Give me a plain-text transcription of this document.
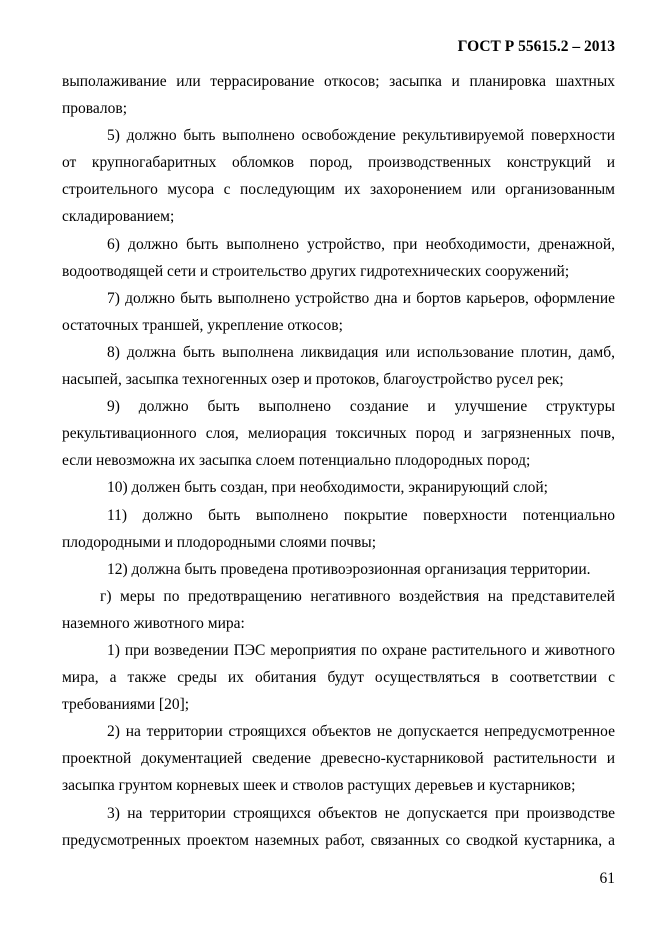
ГОСТ Р 55615.2 – 2013

выполаживание или террасирование откосов; засыпка и планировка шахтных

провалов;

5) должно быть выполнено освобождение рекультивируемой поверхности

от крупногабаритных обломков пород, производственных конструкций и

строительного мусора с последующим их захоронением или организованным

складированием;

6) должно быть выполнено устройство, при необходимости, дренажной,

водоотводящей сети и строительство других гидротехнических сооружений;

7) должно быть выполнено устройство дна и бортов карьеров, оформление

остаточных траншей, укрепление откосов;

8) должна быть выполнена ликвидация или использование плотин, дамб,

насыпей, засыпка техногенных озер и протоков, благоустройство русел рек;

9) должно быть выполнено создание и улучшение структуры

рекультивационного слоя, мелиорация токсичных пород и загрязненных почв,

если невозможна их засыпка слоем потенциально плодородных пород;

10) должен быть создан, при необходимости, экранирующий слой;

11) должно быть выполнено покрытие поверхности потенциально

плодородными и плодородными слоями почвы;

12) должна быть проведена противоэрозионная организация территории.

г) меры по предотвращению негативного воздействия на представителей

наземного животного мира:

1) при возведении ПЭС мероприятия по охране растительного и животного

мира, а также среды их обитания будут осуществляться в соответствии с

требованиями [20];

2) на территории строящихся объектов не допускается непредусмотренное

проектной документацией сведение древесно-кустарниковой растительности и

засыпка грунтом корневых шеек и стволов растущих деревьев и кустарников;

3) на территории строящихся объектов не допускается при производстве

предусмотренных проектом наземных работ, связанных со сводкой кустарника, а

61
